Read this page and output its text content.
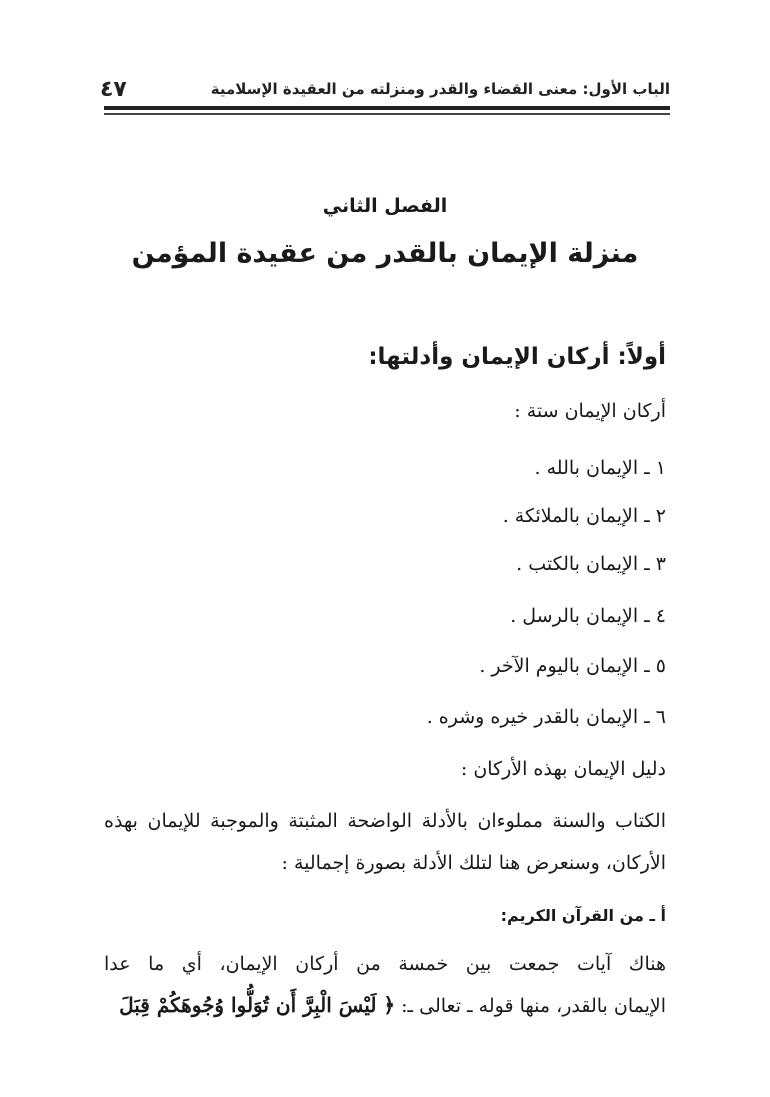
الباب الأول: معنى القضاء والقدر ومنزلته من العقيدة الإسلامية
٤٧
الفصل الثاني
منزلة الإيمان بالقدر من عقيدة المؤمن
أولاً: أركان الإيمان وأدلتها:
أركان الإيمان ستة :
١ ـ الإيمان بالله .
٢ ـ الإيمان بالملائكة .
٣ ـ الإيمان بالكتب .
٤ ـ الإيمان بالرسل .
٥ ـ الإيمان باليوم الآخر .
٦ ـ الإيمان بالقدر خيره وشره .
دليل الإيمان بهذه الأركان :
الكتاب والسنة مملوءان بالأدلة الواضحة المثبتة والموجبة للإيمان بهذه
الأركان، وسنعرض هنا لتلك الأدلة بصورة إجمالية :
أ ـ من القرآن الكريم:
هناك آيات جمعت بين خمسة من أركان الإيمان، أي ما عدا
الإيمان بالقدر، منها قوله ـ تعالى ـ: ﴿ لَيْسَ الْبِرَّ أَن تُوَلُّوا وُجُوهَكُمْ قِبَلَ
